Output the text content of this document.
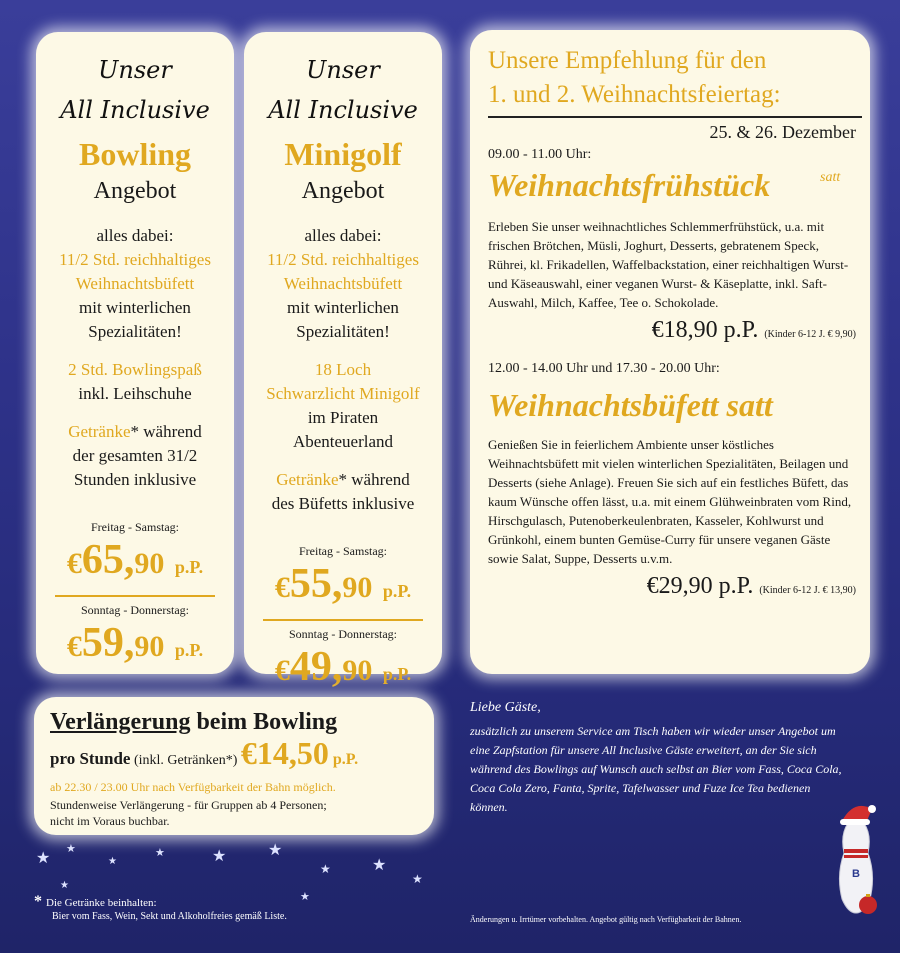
Unser
All Inclusive
Bowling
Angebot
alles dabei:
11/2 Std. reichhaltiges
Weihnachtsbüfett
mit winterlichen
Spezialitäten!
2 Std. Bowlingspaß
inkl. Leihschuhe
Getränke* während
der gesamten 31/2
Stunden inklusive
Freitag - Samstag:
€65,90 p.P.
Sonntag - Donnerstag:
€59,90 p.P.
Unser
All Inclusive
Minigolf
Angebot
alles dabei:
11/2 Std. reichhaltiges
Weihnachtsbüfett
mit winterlichen
Spezialitäten!
18 Loch
Schwarzlicht Minigolf
im Piraten
Abenteuerland
Getränke* während
des Büfetts inklusive
Freitag - Samstag:
€55,90 p.P.
Sonntag - Donnerstag:
€49,90 p.P.
Unsere Empfehlung für den
1. und 2. Weihnachtsfeiertag:
25. & 26. Dezember
09.00 - 11.00 Uhr:
satt
Weihnachtsfrühstück
Erleben Sie unser weihnachtliches Schlemmerfrühstück, u.a. mit frischen Brötchen, Müsli, Joghurt, Desserts, gebratenem Speck, Rührei, kl. Frikadellen, Waffelbackstation, einer reichhaltigen Wurst- und Käseauswahl, einer veganen Wurst- & Käseplatte, inkl. Saft-Auswahl, Milch, Kaffee, Tee o. Schokolade.
€18,90 p.P. (Kinder 6-12 J. € 9,90)
12.00 - 14.00 Uhr und 17.30 - 20.00 Uhr:
Weihnachtsbüfett satt
Genießen Sie in feierlichem Ambiente unser köstliches Weihnachtsbüfett mit vielen winterlichen Spezialitäten, Beilagen und Desserts (siehe Anlage). Freuen Sie sich auf ein festliches Büfett, das kaum Wünsche offen lässt, u.a. mit einem Glühweinbraten vom Rind, Hirschgulasch, Putenoberkeulenbraten, Kasseler, Kohlwurst und Grünkohl, einem bunten Gemüse-Curry für unsere veganen Gäste sowie Salat, Suppe, Desserts u.v.m.
€29,90 p.P. (Kinder 6-12 J. € 13,90)
Verlängerung beim Bowling
pro Stunde (inkl. Getränken*) €14,50 p.P.
ab 22.30 / 23.00 Uhr nach Verfügbarkeit der Bahn möglich.
Stundenweise Verlängerung - für Gruppen ab 4 Personen;
nicht im Voraus buchbar.
Liebe Gäste,
zusätzlich zu unserem Service am Tisch haben wir wieder unser Angebot um eine Zapfstation für unsere All Inclusive Gäste erweitert, an der Sie sich während des Bowlings auf Wunsch auch selbst an Bier vom Fass, Coca Cola, Coca Cola Zero, Fanta, Sprite, Tafelwasser und Fuze Ice Tea bedienen können.
* Die Getränke beinhalten:
Bier vom Fass, Wein, Sekt und Alkoholfreies gemäß Liste.	Änderungen u. Irrtümer vorbehalten. Angebot gültig nach Verfügbarkeit der Bahnen.
B
★
★
★
★	★	★
★	★
★
★
★
